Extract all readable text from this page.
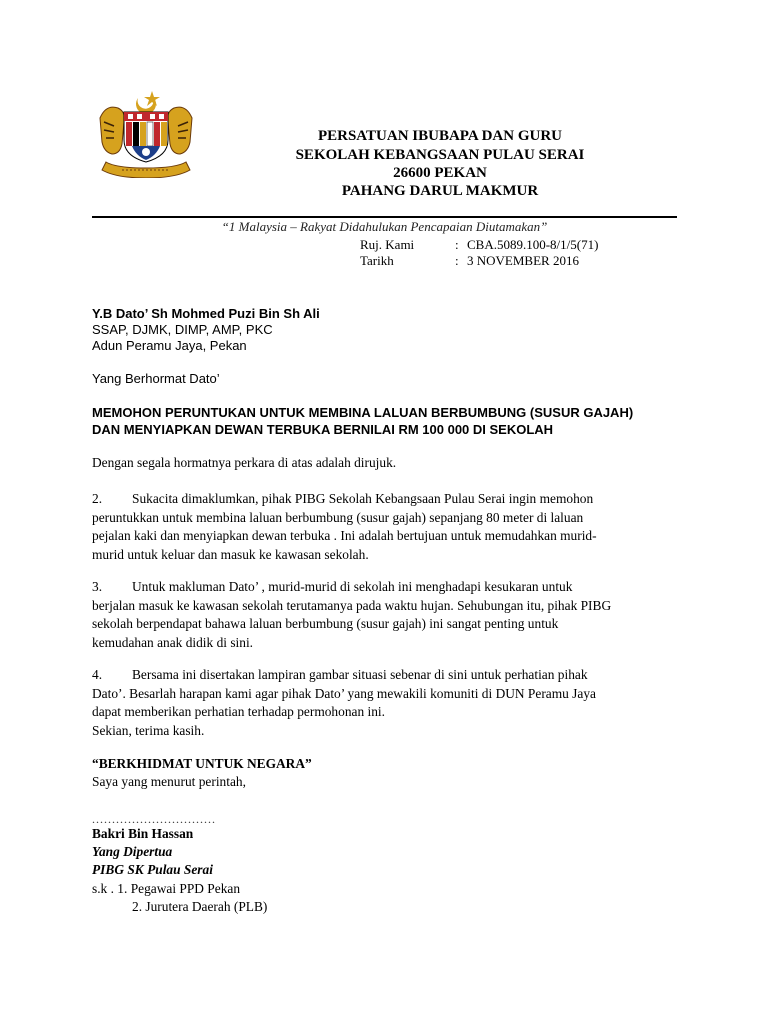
PERSATUAN IBUBAPA DAN GURU
SEKOLAH KEBANGSAAN PULAU SERAI
26600 PEKAN
PAHANG DARUL MAKMUR
“1 Malaysia – Rakyat Didahulukan Pencapaian Diutamakan”
Ruj. Kami	: CBA.5089.100-8/1/5(71)
Tarikh	: 3 NOVEMBER 2016
Y.B Dato’ Sh Mohmed Puzi Bin Sh Ali
SSAP, DJMK, DIMP, AMP, PKC
Adun Peramu Jaya, Pekan
Yang Berhormat Dato’
MEMOHON PERUNTUKAN UNTUK MEMBINA LALUAN BERBUMBUNG (SUSUR GAJAH)
DAN MENYIAPKAN DEWAN TERBUKA BERNILAI RM 100 000 DI SEKOLAH
Dengan segala hormatnya perkara di atas adalah dirujuk.
2. Sukacita dimaklumkan, pihak PIBG Sekolah Kebangsaan Pulau Serai ingin memohon
peruntukkan untuk membina laluan berbumbung (susur gajah) sepanjang 80 meter di laluan
pejalan kaki dan menyiapkan dewan terbuka . Ini adalah bertujuan untuk memudahkan murid-
murid untuk keluar dan masuk ke kawasan sekolah.
3. Untuk makluman Dato’ , murid-murid di sekolah ini menghadapi kesukaran untuk
berjalan masuk ke kawasan sekolah terutamanya pada waktu hujan. Sehubungan itu, pihak PIBG
sekolah berpendapat bahawa laluan berbumbung (susur gajah) ini sangat penting untuk
kemudahan anak didik di sini.
4. Bersama ini disertakan lampiran gambar situasi sebenar di sini untuk perhatian pihak
Dato’. Besarlah harapan kami agar pihak Dato’ yang mewakili komuniti di DUN Peramu Jaya
dapat memberikan perhatian terhadap permohonan ini.
Sekian, terima kasih.
“BERKHIDMAT UNTUK NEGARA”
Saya yang menurut perintah,
...............................
Bakri Bin Hassan
Yang Dipertua
PIBG SK Pulau Serai
s.k . 1. Pegawai PPD Pekan
2. Jurutera Daerah (PLB)
